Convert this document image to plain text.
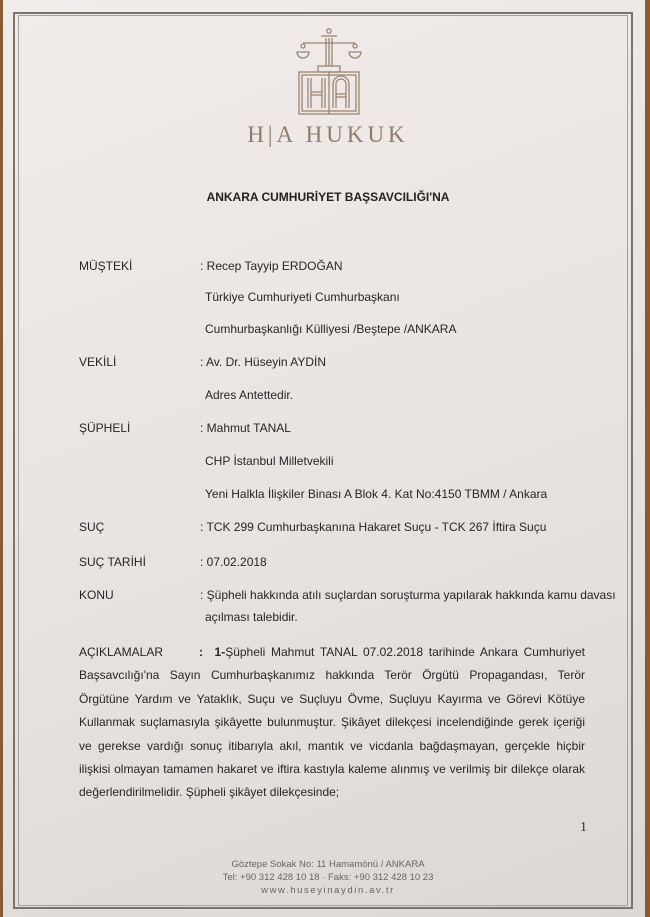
H|A HUKUK
ANKARA CUMHURİYET BAŞSAVCILIĞI'NA
MÜŞTEKİ	: Recep Tayyip ERDOĞAN
Türkiye Cumhuriyeti Cumhurbaşkanı
Cumhurbaşkanlığı Külliyesi /Beştepe /ANKARA
VEKİLİ	: Av. Dr. Hüseyin AYDİN
Adres Antettedir.
ŞÜPHELİ	: Mahmut TANAL
CHP İstanbul Milletvekili
Yeni Halkla İlişkiler Binası A Blok 4. Kat No:4150 TBMM / Ankara
SUÇ	: TCK 299 Cumhurbaşkanına Hakaret Suçu - TCK 267 İftira Suçu
SUÇ TARİHİ	: 07.02.2018
KONU	: Şüpheli hakkında atılı suçlardan soruşturma yapılarak hakkında kamu davası
açılması talebidir.
AÇIKLAMALAR	: 1-Şüpheli Mahmut TANAL 07.02.2018 tarihinde Ankara Cumhuriyet Başsavcılığı'na Sayın Cumhurbaşkanımız hakkında Terör Örgütü Propagandası, Terör Örgütüne Yardım ve Yataklık, Suçu ve Suçluyu Övme, Suçluyu Kayırma ve Görevi Kötüye Kullanmak suçlamasıyla şikâyette bulunmuştur. Şikâyet dilekçesi incelendiğinde gerek içeriği ve gerekse vardığı sonuç itibarıyla akıl, mantık ve vicdanla bağdaşmayan, gerçekle hiçbir ilişkisi olmayan tamamen hakaret ve iftira kastıyla kaleme alınmış ve verilmiş bir dilekçe olarak değerlendirilmelidir. Şüpheli şikâyet dilekçesinde;
1
Göztepe Sokak No: 11 Hamamönü / ANKARA
Tel: +90 312 428 10 18 · Faks: +90 312 428 10 23
www.huseyinaydin.av.tr
